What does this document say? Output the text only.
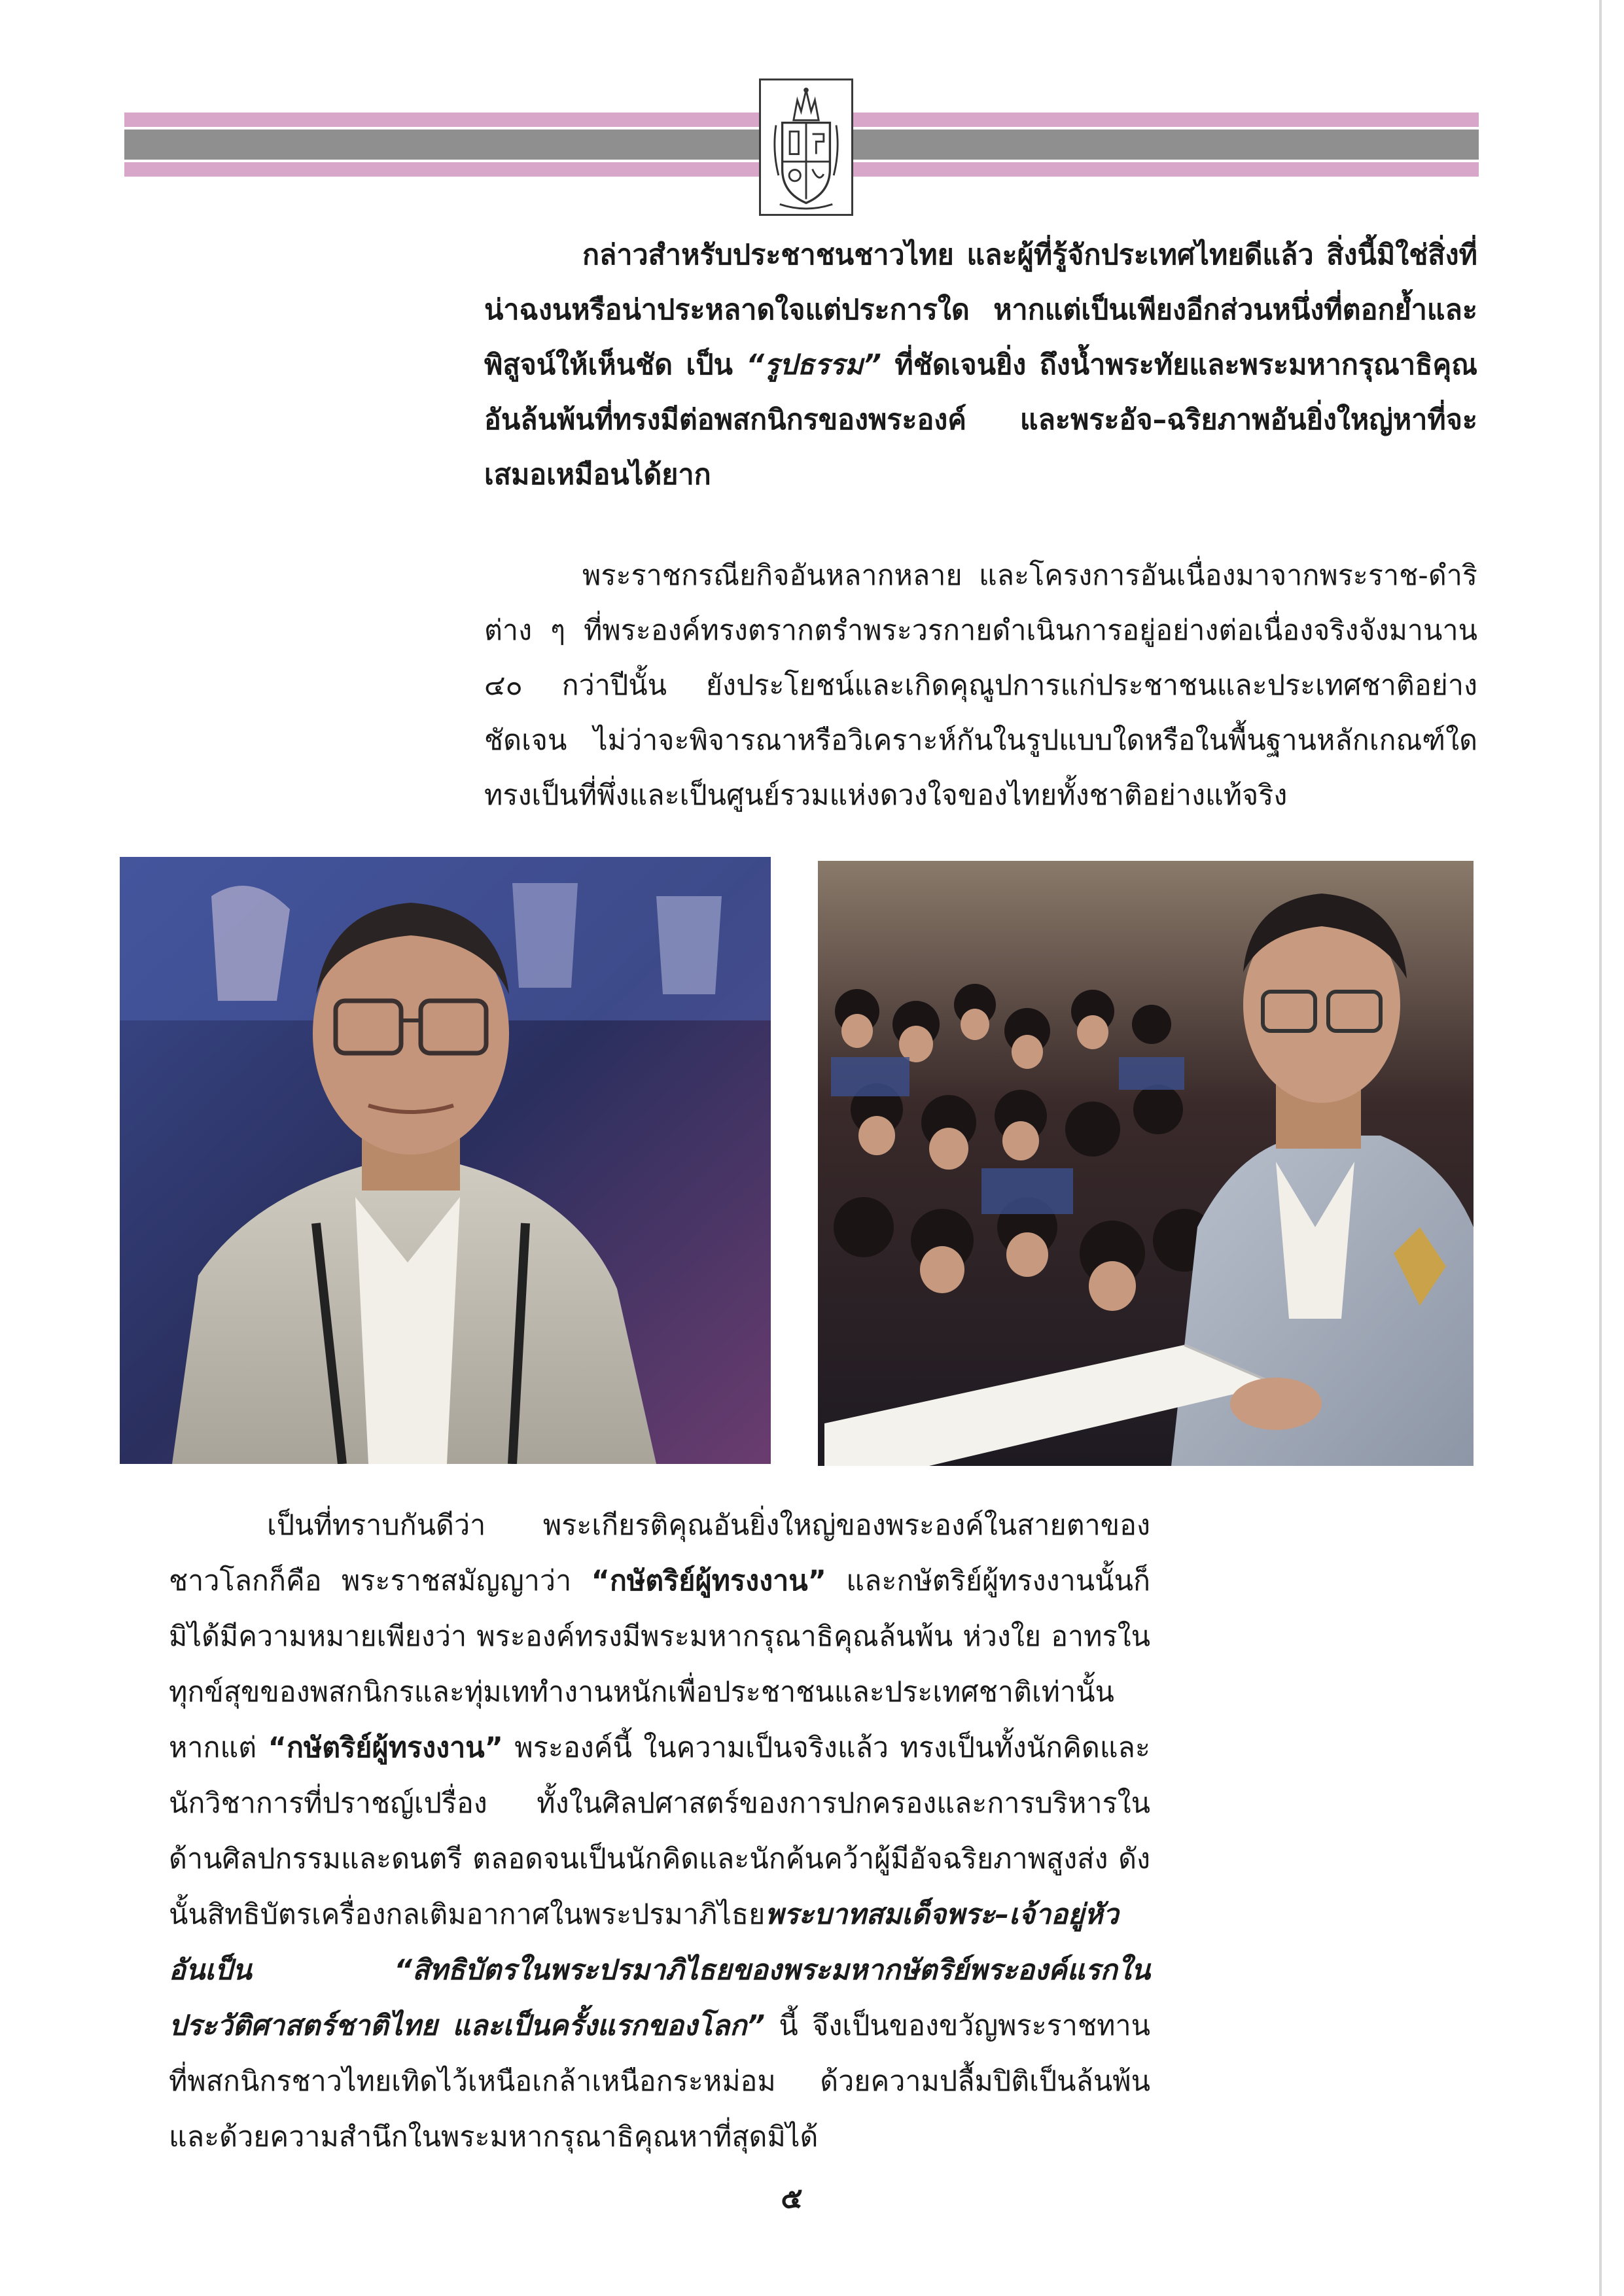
กล่าวสำหรับประชาชนชาวไทย และผู้ที่รู้จักประเทศไทยดีแล้ว สิ่งนี้มิใช่สิ่งที่น่าฉงนหรือน่าประหลาดใจแต่ประการใด หากแต่เป็นเพียงอีกส่วนหนึ่งที่ตอกย้ำและพิสูจน์ให้เห็นชัด เป็น “รูปธรรม” ที่ชัดเจนยิ่ง ถึงน้ำพระทัยและพระมหากรุณาธิคุณอันล้นพ้นที่ทรงมีต่อพสกนิกรของพระองค์ และพระอัจ–ฉริยภาพอันยิ่งใหญ่หาที่จะเสมอเหมือนได้ยาก

พระราชกรณียกิจอันหลากหลาย และโครงการอันเนื่องมาจากพระราช-ดำริต่าง ๆ ที่พระองค์ทรงตรากตรำพระวรกายดำเนินการอยู่อย่างต่อเนื่องจริงจังมานาน ๔๐ กว่าปีนั้น ยังประโยชน์และเกิดคุณูปการแก่ประชาชนและประเทศชาติอย่างชัดเจน ไม่ว่าจะพิจารณาหรือวิเคราะห์กันในรูปแบบใดหรือในพื้นฐานหลักเกณฑ์ใด ทรงเป็นที่พึ่งและเป็นศูนย์รวมแห่งดวงใจของไทยทั้งชาติอย่างแท้จริง

เป็นที่ทราบกันดีว่า พระเกียรติคุณอันยิ่งใหญ่ของพระองค์ในสายตาของชาวโลกก็คือ พระราชสมัญญาว่า “กษัตริย์ผู้ทรงงาน” และกษัตริย์ผู้ทรงงานนั้นก็มิได้มีความหมายเพียงว่า พระองค์ทรงมีพระมหากรุณาธิคุณล้นพ้น ห่วงใย อาทรในทุกข์สุขของพสกนิกรและทุ่มเททำงานหนักเพื่อประชาชนและประเทศชาติเท่านั้นหากแต่ “กษัตริย์ผู้ทรงงาน” พระองค์นี้ ในความเป็นจริงแล้ว ทรงเป็นทั้งนักคิดและนักวิชาการที่ปราชญ์เปรื่อง ทั้งในศิลปศาสตร์ของการปกครองและการบริหารในด้านศิลปกรรมและดนตรี ตลอดจนเป็นนักคิดและนักค้นคว้าผู้มีอัจฉริยภาพสูงส่ง ดังนั้นสิทธิบัตรเครื่องกลเติมอากาศในพระปรมาภิไธยพระบาทสมเด็จพระ–เจ้าอยู่หัว อันเป็น “สิทธิบัตรในพระปรมาภิไธยของพระมหากษัตริย์พระองค์แรกในประวัติศาสตร์ชาติไทย และเป็นครั้งแรกของโลก” นี้ จึงเป็นของขวัญพระราชทานที่พสกนิกรชาวไทยเทิดไว้เหนือเกล้าเหนือกระหม่อม ด้วยความปลื้มปิติเป็นล้นพ้นและด้วยความสำนึกในพระมหากรุณาธิคุณหาที่สุดมิได้

๕
